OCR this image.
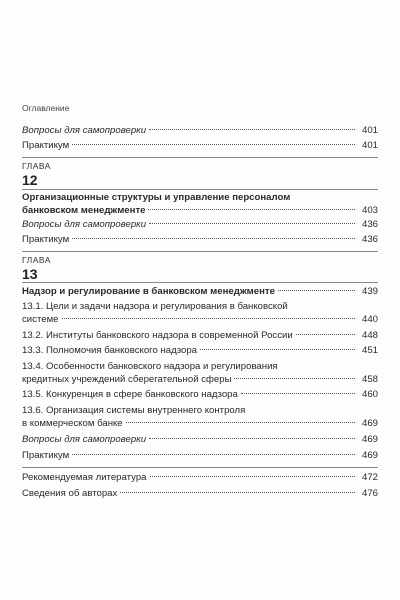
Оглавление
Вопросы для самопроверки	401
Практикум	401
ГЛАВА
12
Организационные структуры и управление персоналом
банковском менеджменте	403
Вопросы для самопроверки	436
Практикум	436
ГЛАВА
13
Надзор и регулирование в банковском менеджменте	439
13.1. Цели и задачи надзора и регулирования в банковской
системе	440
13.2. Институты банковского надзора в современной России	448
13.3. Полномочия банковского надзора	451
13.4. Особенности банковского надзора и регулирования
кредитных учреждений сберегательной сферы	458
13.5. Конкуренция в сфере банковского надзора	460
13.6. Организация системы внутреннего контроля
в коммерческом банке	469
Вопросы для самопроверки	469
Практикум	469
Рекомендуемая литература	472
Сведения об авторах	476
